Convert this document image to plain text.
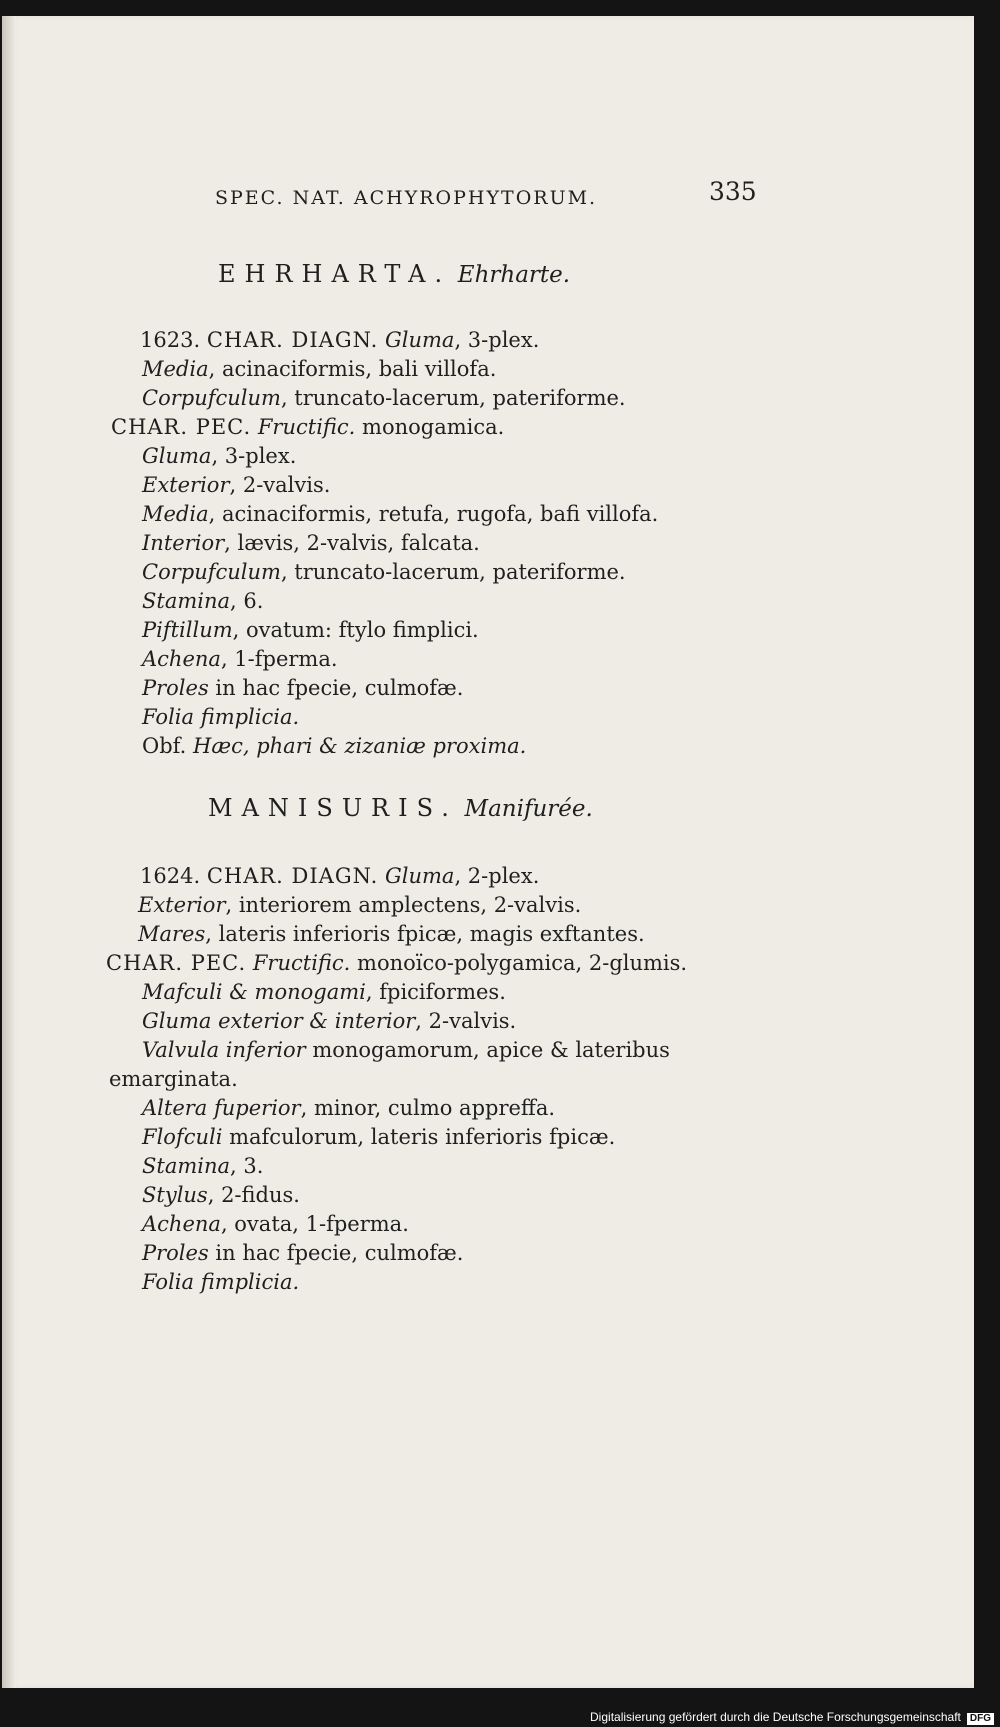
SPEC. NAT. ACHYROPHYTORUM.	335
EHRHARTA. Ehrharte.
1623. CHAR. DIAGN. Gluma, 3-plex.
Media, acinaciformis, bali villofa.
Corpufculum, truncato-lacerum, pateriforme.
CHAR. PEC. Fructific. monogamica.
Gluma, 3-plex.
Exterior, 2-valvis.
Media, acinaciformis, retufa, rugofa, bafi villofa.
Interior, lævis, 2-valvis, falcata.
Corpufculum, truncato-lacerum, pateriforme.
Stamina, 6.
Piftillum, ovatum: ftylo fimplici.
Achena, 1-fperma.
Proles in hac fpecie, culmofæ.
Folia fimplicia.
Obf. Hæc, phari & zizaniæ proxima.
MANISURIS. Manifurée.
1624. CHAR. DIAGN. Gluma, 2-plex.
Exterior, interiorem amplectens, 2-valvis.
Mares, lateris inferioris fpicæ, magis exftantes.
CHAR. PEC. Fructific. monoïco-polygamica, 2-glumis.
Mafculi & monogami, fpiciformes.
Gluma exterior & interior, 2-valvis.
Valvula inferior monogamorum, apice & lateribus
emarginata.
Altera fuperior, minor, culmo appreffa.
Flofculi mafculorum, lateris inferioris fpicæ.
Stamina, 3.
Stylus, 2-fidus.
Achena, ovata, 1-fperma.
Proles in hac fpecie, culmofæ.
Folia fimplicia.
Digitalisierung gefördert durch die Deutsche Forschungsgemeinschaft DFG
